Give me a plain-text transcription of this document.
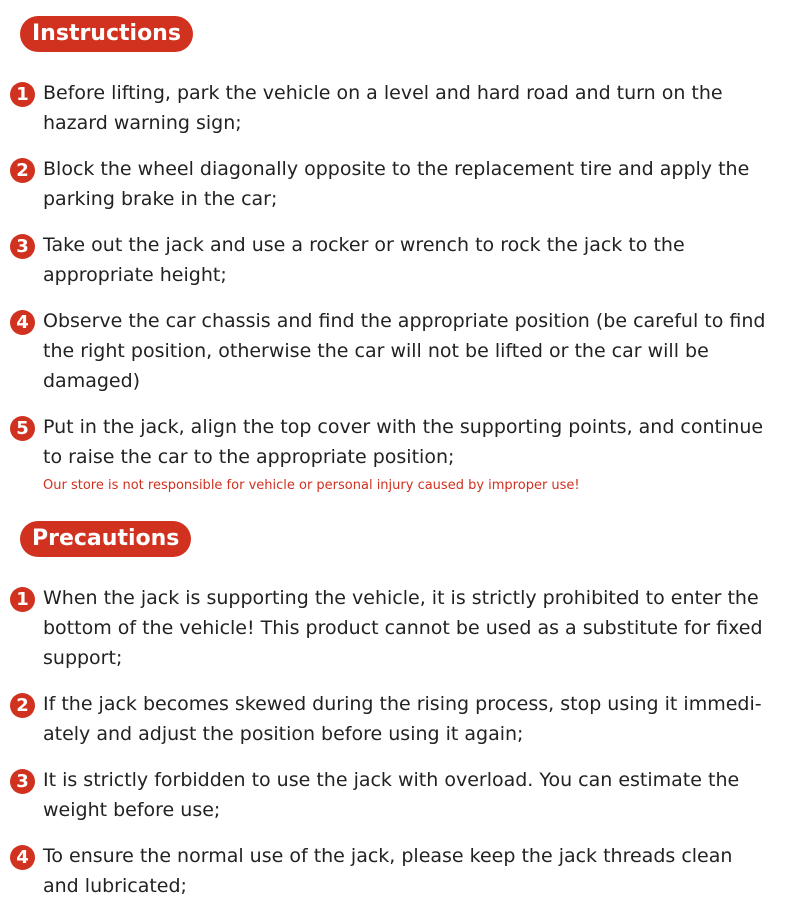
Instructions
1 Before lifting, park the vehicle on a level and hard road and turn on the hazard warning sign;
2 Block the wheel diagonally opposite to the replacement tire and apply the parking brake in the car;
3 Take out the jack and use a rocker or wrench to rock the jack to the appropriate height;
4 Observe the car chassis and find the appropriate position (be careful to find the right position, otherwise the car will not be lifted or the car will be damaged)
5 Put in the jack, align the top cover with the supporting points, and continue to raise the car to the appropriate position;
Our store is not responsible for vehicle or personal injury caused by improper use!
Precautions
1 When the jack is supporting the vehicle, it is strictly prohibited to enter the bottom of the vehicle! This product cannot be used as a substitute for fixed support;
2 If the jack becomes skewed during the rising process, stop using it immedi-ately and adjust the position before using it again;
3 It is strictly forbidden to use the jack with overload. You can estimate the weight before use;
4 To ensure the normal use of the jack, please keep the jack threads clean and lubricated;
